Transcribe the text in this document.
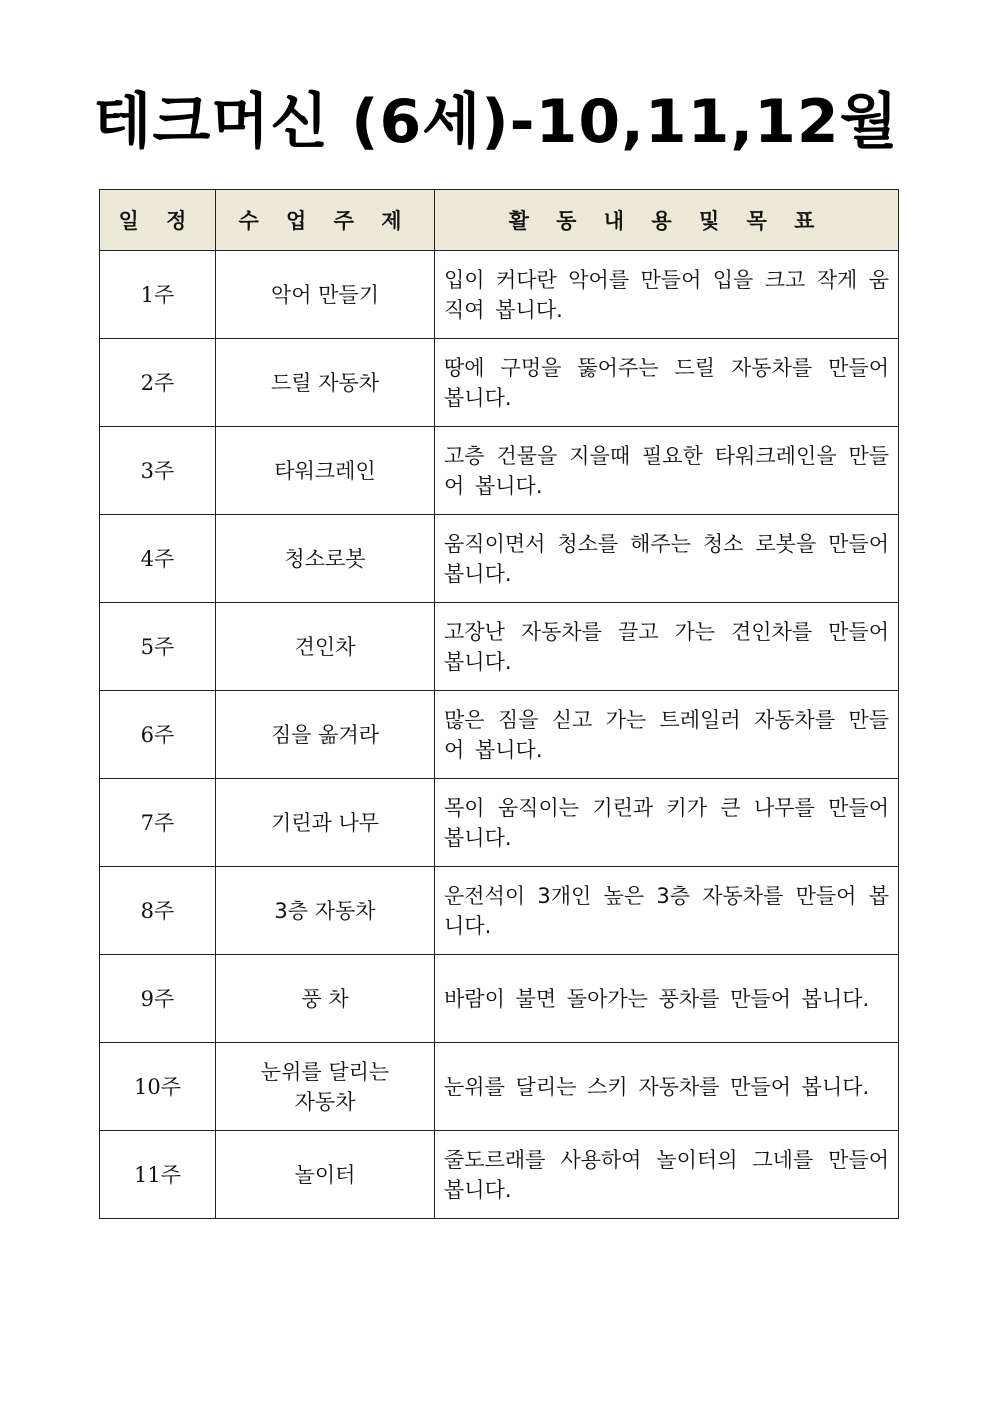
테크머신 (6세)-10,11,12월
일 정	수 업 주 제	활 동 내 용 및 목 표
1주	악어 만들기	입이 커다란 악어를 만들어 입을 크고 작게 움직여 봅니다.
2주	드릴 자동차	땅에 구멍을 뚫어주는 드릴 자동차를 만들어 봅니다.
3주	타워크레인	고층 건물을 지을때 필요한 타워크레인을 만들어 봅니다.
4주	청소로봇	움직이면서 청소를 해주는 청소 로봇을 만들어 봅니다.
5주	견인차	고장난 자동차를 끌고 가는 견인차를 만들어 봅니다.
6주	짐을 옮겨라	많은 짐을 싣고 가는 트레일러 자동차를 만들어 봅니다.
7주	기린과 나무	목이 움직이는 기린과 키가 큰 나무를 만들어 봅니다.
8주	3층 자동차	운전석이 3개인 높은 3층 자동차를 만들어 봅니다.
9주	풍 차	바람이 불면 돌아가는 풍차를 만들어 봅니다.
10주	눈위를 달리는 자동차	눈위를 달리는 스키 자동차를 만들어 봅니다.
11주	놀이터	줄도르래를 사용하여 놀이터의 그네를 만들어 봅니다.
